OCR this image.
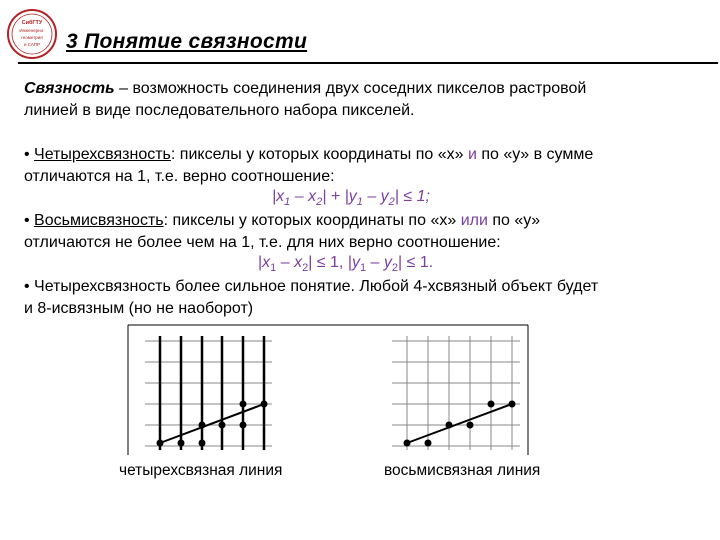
СибГТУ
Инженерно-
геометрия
и САПР 3 Понятие связности
Связность – возможность соединения двух соседних пикселов растровой
линией в виде последовательного набора пикселей.
• Четырехсвязность: пикселы у которых координаты по «x» и по «y» в сумме
отличаются на 1, т.е. верно соотношение:
$|x_1 - x_2| + |y_1 - y_2| \le 1$;
• Восьмисвязность: пикселы у которых координаты по «x» или по «y»
отличаются не более чем на 1, т.е. для них верно соотношение:
$|x_1 - x_2| \le 1$, $|y_1 - y_2| \le 1$.
• Четырехсвязность более сильное понятие. Любой 4-хсвязный объект будет
и 8-исвязным (но не наоборот)
четырехсвязная линия	восьмисвязная линия
